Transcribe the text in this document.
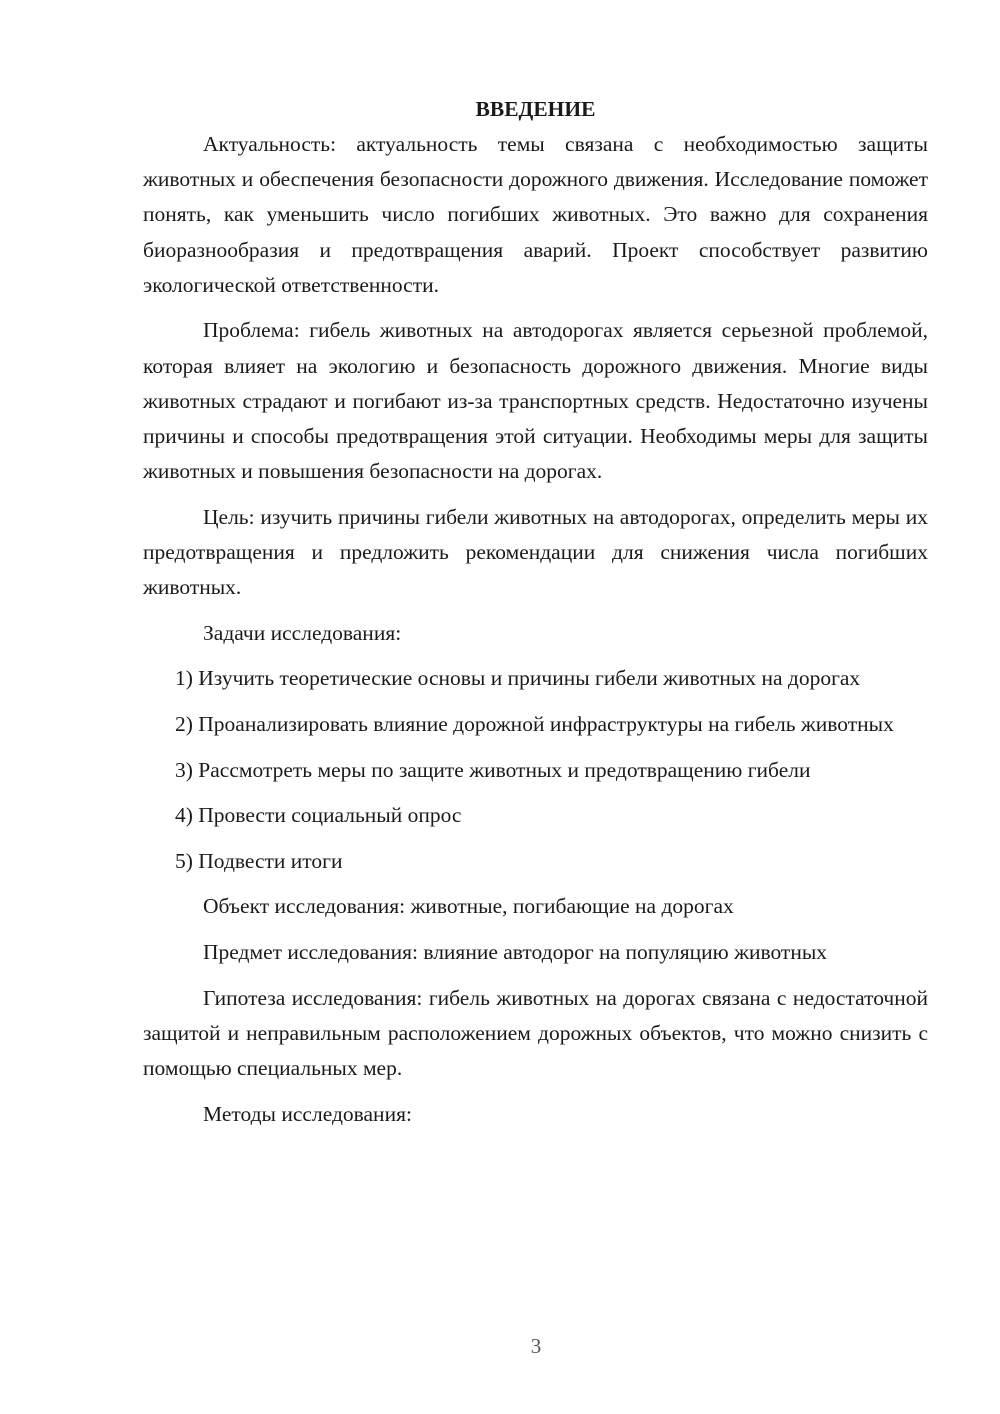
ВВЕДЕНИЕ

Актуальность: актуальность темы связана с необходимостью защиты животных и обеспечения безопасности дорожного движения. Исследование поможет понять, как уменьшить число погибших животных. Это важно для сохранения биоразнообразия и предотвращения аварий. Проект способствует развитию экологической ответственности.

Проблема: гибель животных на автодорогах является серьезной проблемой, которая влияет на экологию и безопасность дорожного движения. Многие виды животных страдают и погибают из-за транспортных средств. Недостаточно изучены причины и способы предотвращения этой ситуации. Необходимы меры для защиты животных и повышения безопасности на дорогах.

Цель: изучить причины гибели животных на автодорогах, определить меры их предотвращения и предложить рекомендации для снижения числа погибших животных.

Задачи исследования:

1) Изучить теоретические основы и причины гибели животных на дорогах

2) Проанализировать влияние дорожной инфраструктуры на гибель животных

3) Рассмотреть меры по защите животных и предотвращению гибели

4) Провести социальный опрос

5) Подвести итоги

Объект исследования: животные, погибающие на дорогах

Предмет исследования: влияние автодорог на популяцию животных

Гипотеза исследования: гибель животных на дорогах связана с недостаточной защитой и неправильным расположением дорожных объектов, что можно снизить с помощью специальных мер.

Методы исследования:

3
